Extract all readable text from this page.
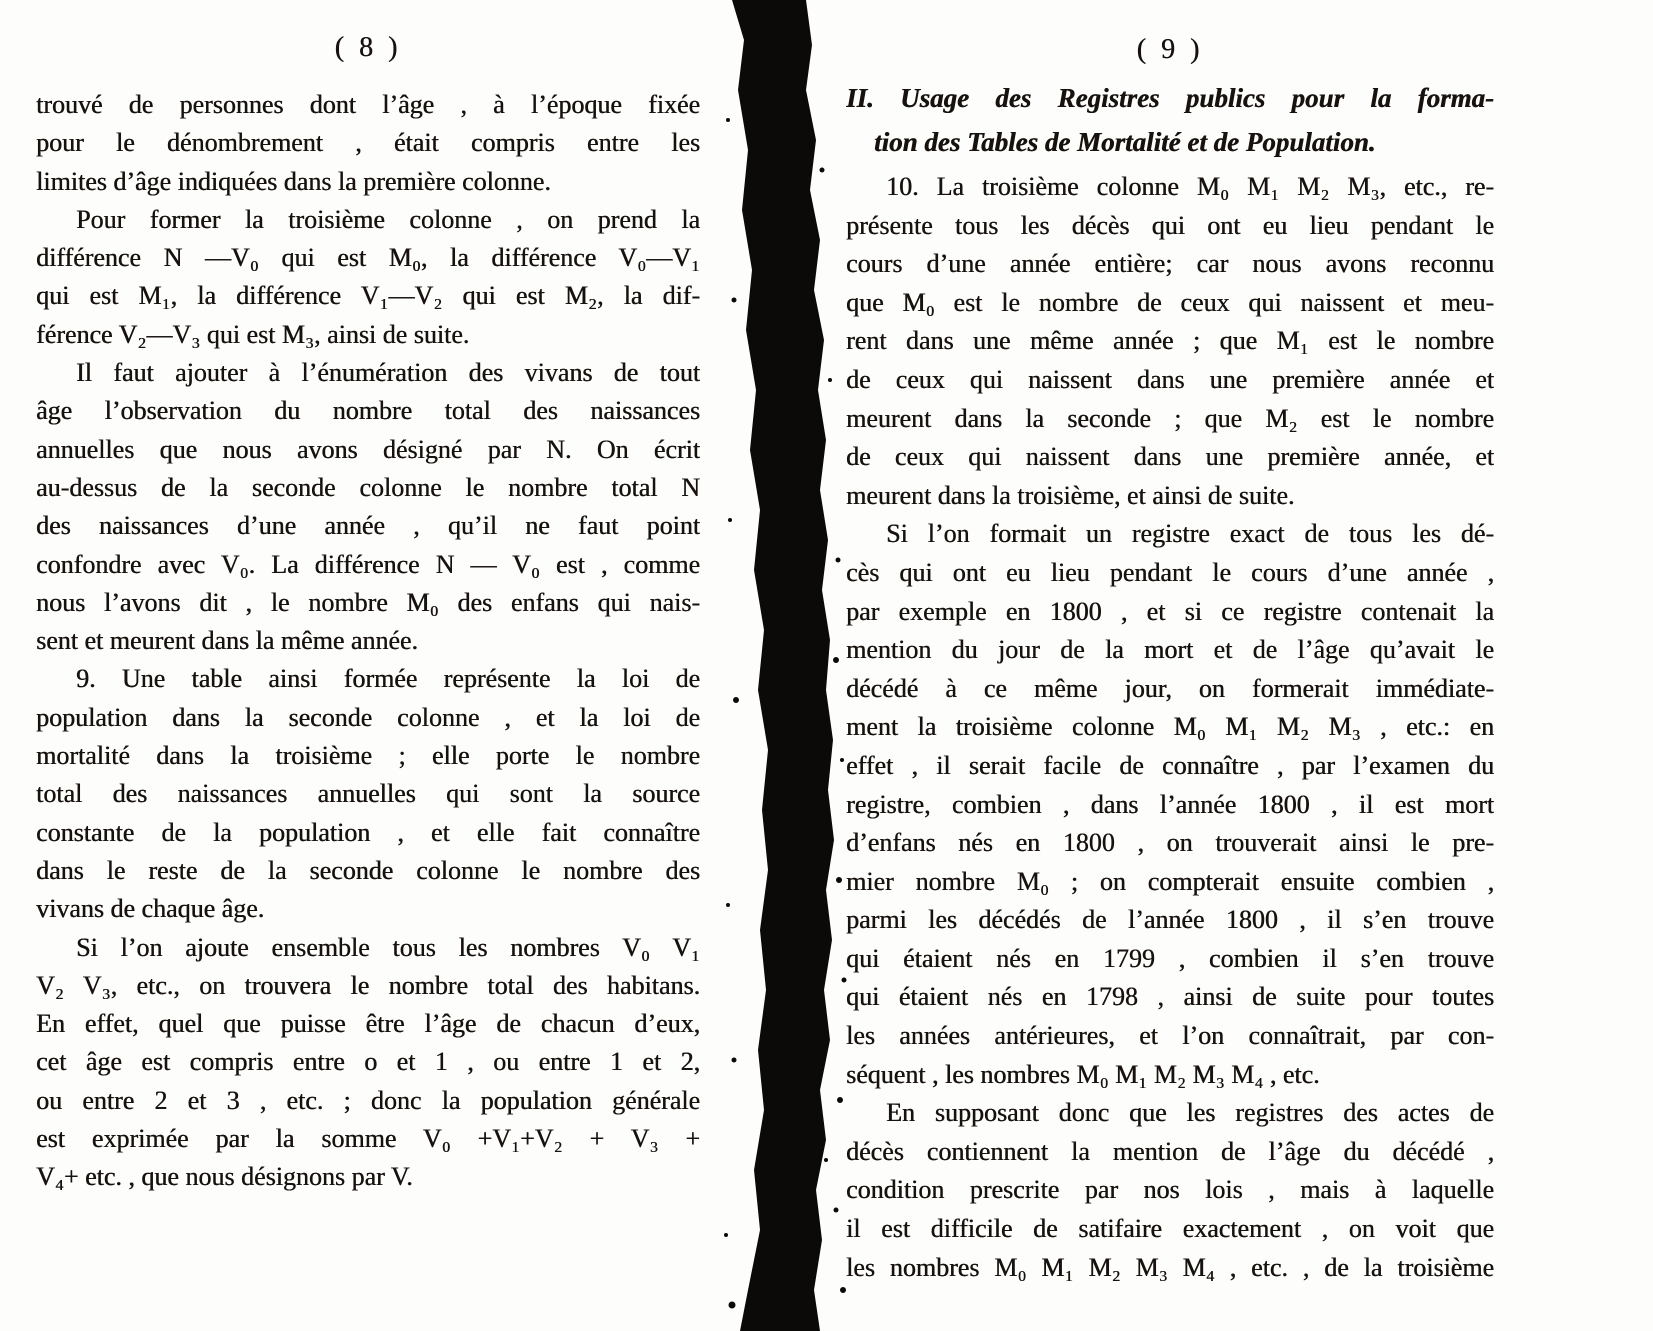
( 8 )
trouvé de personnes dont l’âge , à l’époque fixée
pour le dénombrement , était compris entre les
limites d’âge indiquées dans la première colonne.
Pour former la troisième colonne , on prend la
différence N —V₀ qui est M₀, la différence V₀—V₁
qui est M₁, la différence V₁—V₂ qui est M₂, la dif-
férence V₂—V₃ qui est M₃, ainsi de suite.
Il faut ajouter à l’énumération des vivans de tout
âge l’observation du nombre total des naissances
annuelles que nous avons désigné par N. On écrit
au-dessus de la seconde colonne le nombre total N
des naissances d’une année , qu’il ne faut point
confondre avec V₀. La différence N — V₀ est , comme
nous l’avons dit , le nombre M₀ des enfans qui nais-
sent et meurent dans la même année.
9. Une table ainsi formée représente la loi de
population dans la seconde colonne , et la loi de
mortalité dans la troisième ; elle porte le nombre
total des naissances annuelles qui sont la source
constante de la population , et elle fait connaître
dans le reste de la seconde colonne le nombre des
vivans de chaque âge.
Si l’on ajoute ensemble tous les nombres V₀ V₁
V₂ V₃, etc., on trouvera le nombre total des habitans.
En effet, quel que puisse être l’âge de chacun d’eux,
cet âge est compris entre o et 1 , ou entre 1 et 2,
ou entre 2 et 3 , etc. ; donc la population générale
est exprimée par la somme V₀ +V₁+V₂ + V₃ +
V₄+ etc. , que nous désignons par V.
( 9 )
II. Usage des Registres publics pour la forma-
tion des Tables de Mortalité et de Population.
10. La troisième colonne M₀ M₁ M₂ M₃, etc., re-
présente tous les décès qui ont eu lieu pendant le
cours d’une année entière; car nous avons reconnu
que M₀ est le nombre de ceux qui naissent et meu-
rent dans une même année ; que M₁ est le nombre
de ceux qui naissent dans une première année et
meurent dans la seconde ; que M₂ est le nombre
de ceux qui naissent dans une première année, et
meurent dans la troisième, et ainsi de suite.
Si l’on formait un registre exact de tous les dé-
cès qui ont eu lieu pendant le cours d’une année ,
par exemple en 1800 , et si ce registre contenait la
mention du jour de la mort et de l’âge qu’avait le
décédé à ce même jour, on formerait immédiate-
ment la troisième colonne M₀ M₁ M₂ M₃ , etc.: en
effet , il serait facile de connaître , par l’examen du
registre, combien , dans l’année 1800 , il est mort
d’enfans nés en 1800 , on trouverait ainsi le pre-
mier nombre M₀ ; on compterait ensuite combien ,
parmi les décédés de l’année 1800 , il s’en trouve
qui étaient nés en 1799 , combien il s’en trouve
qui étaient nés en 1798 , ainsi de suite pour toutes
les années antérieures, et l’on connaîtrait, par con-
séquent , les nombres M₀ M₁ M₂ M₃ M₄ , etc.
En supposant donc que les registres des actes de
décès contiennent la mention de l’âge du décédé ,
condition prescrite par nos lois , mais à laquelle
il est difficile de satifaire exactement , on voit que
les nombres M₀ M₁ M₂ M₃ M₄ , etc. , de la troisième
